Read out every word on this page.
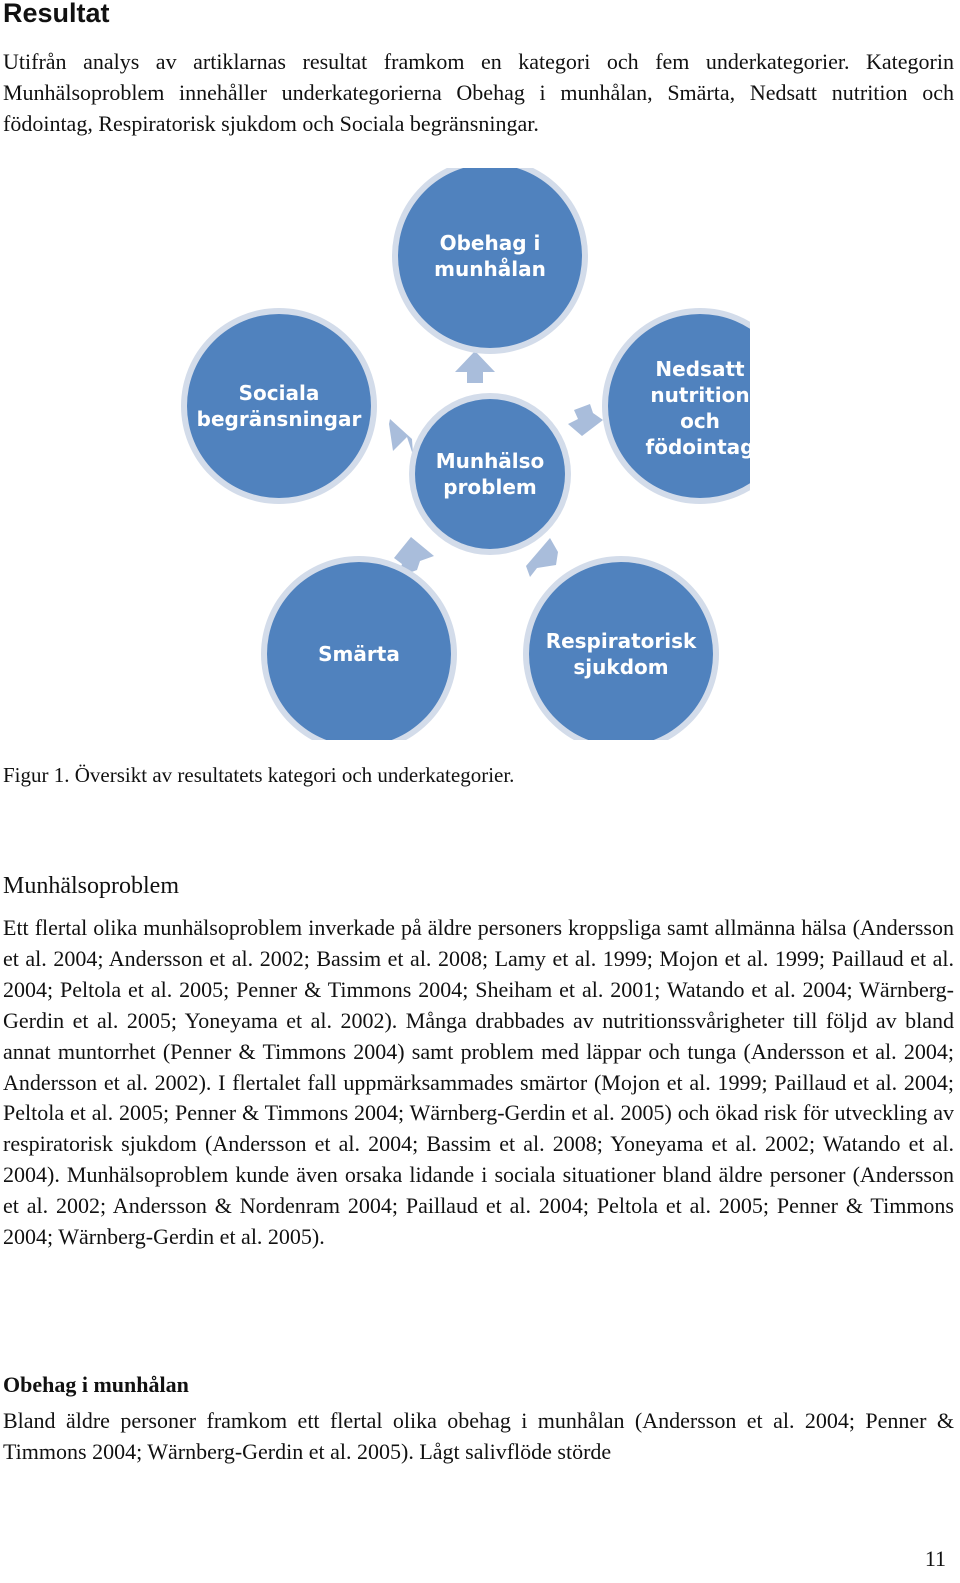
Resultat

Utifrån analys av artiklarnas resultat framkom en kategori och fem underkategorier. Kategorin Munhälsoproblem innehåller underkategorierna Obehag i munhålan, Smärta, Nedsatt nutrition och födointag, Respiratorisk sjukdom och Sociala begränsningar.

Obehag i munhålan
Nedsatt nutrition och födointag
Respiratorisk sjukdom
Smärta
Sociala begränsningar
Munhälso problem

Figur 1. Översikt av resultatets kategori och underkategorier.

Munhälsoproblem

Ett flertal olika munhälsoproblem inverkade på äldre personers kroppsliga samt allmänna hälsa (Andersson et al. 2004; Andersson et al. 2002; Bassim et al. 2008; Lamy et al. 1999; Mojon et al. 1999; Paillaud et al. 2004; Peltola et al. 2005; Penner & Timmons 2004; Sheiham et al. 2001; Watando et al. 2004; Wärnberg-Gerdin et al. 2005; Yoneyama et al. 2002). Många drabbades av nutritionssvårigheter till följd av bland annat muntorrhet (Penner & Timmons 2004) samt problem med läppar och tunga (Andersson et al. 2004; Andersson et al. 2002). I flertalet fall uppmärksammades smärtor (Mojon et al. 1999; Paillaud et al. 2004; Peltola et al. 2005; Penner & Timmons 2004; Wärnberg-Gerdin et al. 2005) och ökad risk för utveckling av respiratorisk sjukdom (Andersson et al. 2004; Bassim et al. 2008; Yoneyama et al. 2002; Watando et al. 2004). Munhälsoproblem kunde även orsaka lidande i sociala situationer bland äldre personer (Andersson et al. 2002; Andersson & Nordenram 2004; Paillaud et al. 2004; Peltola et al. 2005; Penner & Timmons 2004; Wärnberg-Gerdin et al. 2005).

Obehag i munhålan

Bland äldre personer framkom ett flertal olika obehag i munhålan (Andersson et al. 2004; Penner & Timmons 2004; Wärnberg-Gerdin et al. 2005). Lågt salivflöde störde

11
